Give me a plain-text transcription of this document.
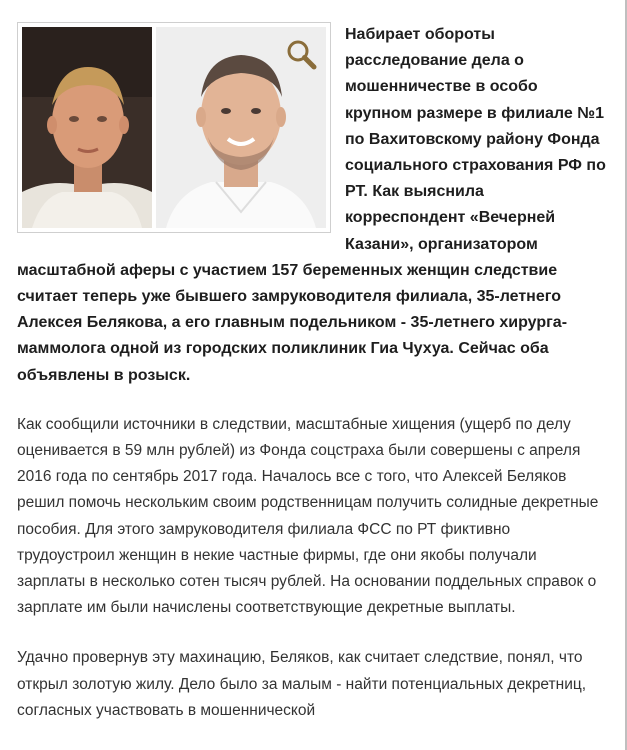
Набирает обороты расследование дела о мошенничестве в особо крупном размере в филиале №1 по Вахитовскому району Фонда социального страхования РФ по РТ. Как выяснила корреспондент «Вечерней Казани», организатором масштабной аферы с участием 157 беременных женщин следствие считает теперь уже бывшего замруководителя филиала, 35-летнего Алексея Белякова, а его главным подельником - 35-летнего хирурга-маммолога одной из городских поликлиник Гиа Чухуа. Сейчас оба объявлены в розыск.

Как сообщили источники в следствии, масштабные хищения (ущерб по делу оценивается в 59 млн рублей) из Фонда соцстраха были совершены с апреля 2016 года по сентябрь 2017 года. Началось все с того, что Алексей Беляков решил помочь нескольким своим родственницам получить солидные декретные пособия. Для этого замруководителя филиала ФСС по РТ фиктивно трудоустроил женщин в некие частные фирмы, где они якобы получали зарплаты в несколько сотен тысяч рублей. На основании поддельных справок о зарплате им были начислены соответствующие декретные выплаты.

Удачно провернув эту махинацию, Беляков, как считает следствие, понял, что открыл золотую жилу. Дело было за малым - найти потенциальных декретниц, согласных участвовать в мошеннической
